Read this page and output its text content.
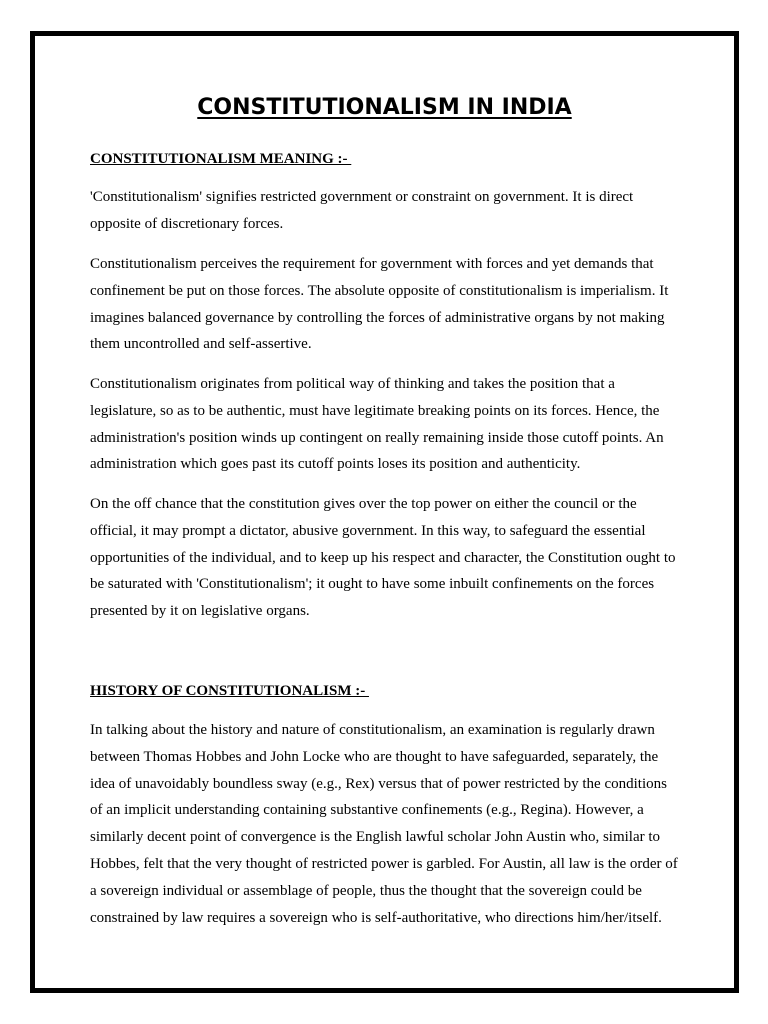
CONSTITUTIONALISM IN INDIA
CONSTITUTIONALISM MEANING :-

'Constitutionalism' signifies restricted government or constraint on government. It is direct opposite of discretionary forces.

Constitutionalism perceives the requirement for government with forces and yet demands that confinement be put on those forces. The absolute opposite of constitutionalism is imperialism. It imagines balanced governance by controlling the forces of administrative organs by not making them uncontrolled and self-assertive.

Constitutionalism originates from political way of thinking and takes the position that a legislature, so as to be authentic, must have legitimate breaking points on its forces. Hence, the administration's position winds up contingent on really remaining inside those cutoff points. An administration which goes past its cutoff points loses its position and authenticity.

On the off chance that the constitution gives over the top power on either the council or the official, it may prompt a dictator, abusive government. In this way, to safeguard the essential opportunities of the individual, and to keep up his respect and character, the Constitution ought to be saturated with 'Constitutionalism'; it ought to have some inbuilt confinements on the forces presented by it on legislative organs.

HISTORY OF CONSTITUTIONALISM :-

In talking about the history and nature of constitutionalism, an examination is regularly drawn between Thomas Hobbes and John Locke who are thought to have safeguarded, separately, the idea of unavoidably boundless sway (e.g., Rex) versus that of power restricted by the conditions of an implicit understanding containing substantive confinements (e.g., Regina). However, a similarly decent point of convergence is the English lawful scholar John Austin who, similar to Hobbes, felt that the very thought of restricted power is garbled. For Austin, all law is the order of a sovereign individual or assemblage of people, thus the thought that the sovereign could be constrained by law requires a sovereign who is self-authoritative, who directions him/her/itself.
